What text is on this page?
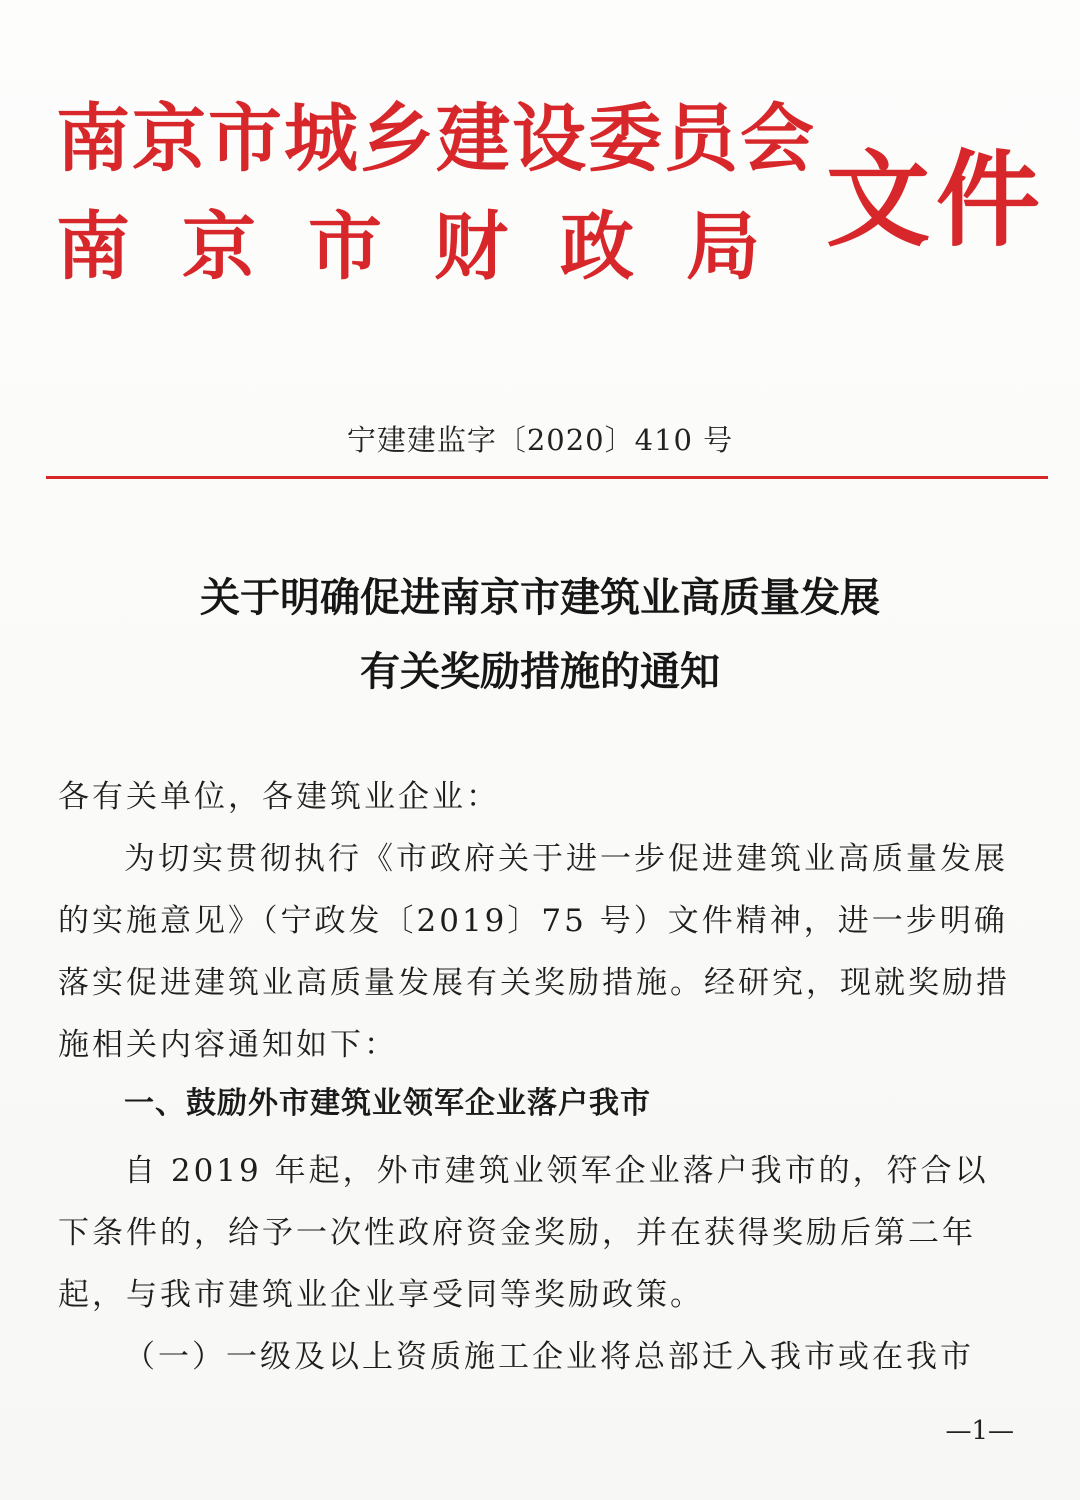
南京市城乡建设委员会
南京市财政局 文件
宁建建监字〔2020〕410 号
关于明确促进南京市建筑业高质量发展
有关奖励措施的通知
各有关单位，各建筑业企业：
为切实贯彻执行《市政府关于进一步促进建筑业高质量发展的实施意见》（宁政发〔2019〕75 号）文件精神，进一步明确落实促进建筑业高质量发展有关奖励措施。经研究，现就奖励措施相关内容通知如下：
一、鼓励外市建筑业领军企业落户我市
自 2019 年起，外市建筑业领军企业落户我市的，符合以下条件的，给予一次性政府资金奖励，并在获得奖励后第二年起，与我市建筑业企业享受同等奖励政策。
（一）一级及以上资质施工企业将总部迁入我市或在我市
—1—
